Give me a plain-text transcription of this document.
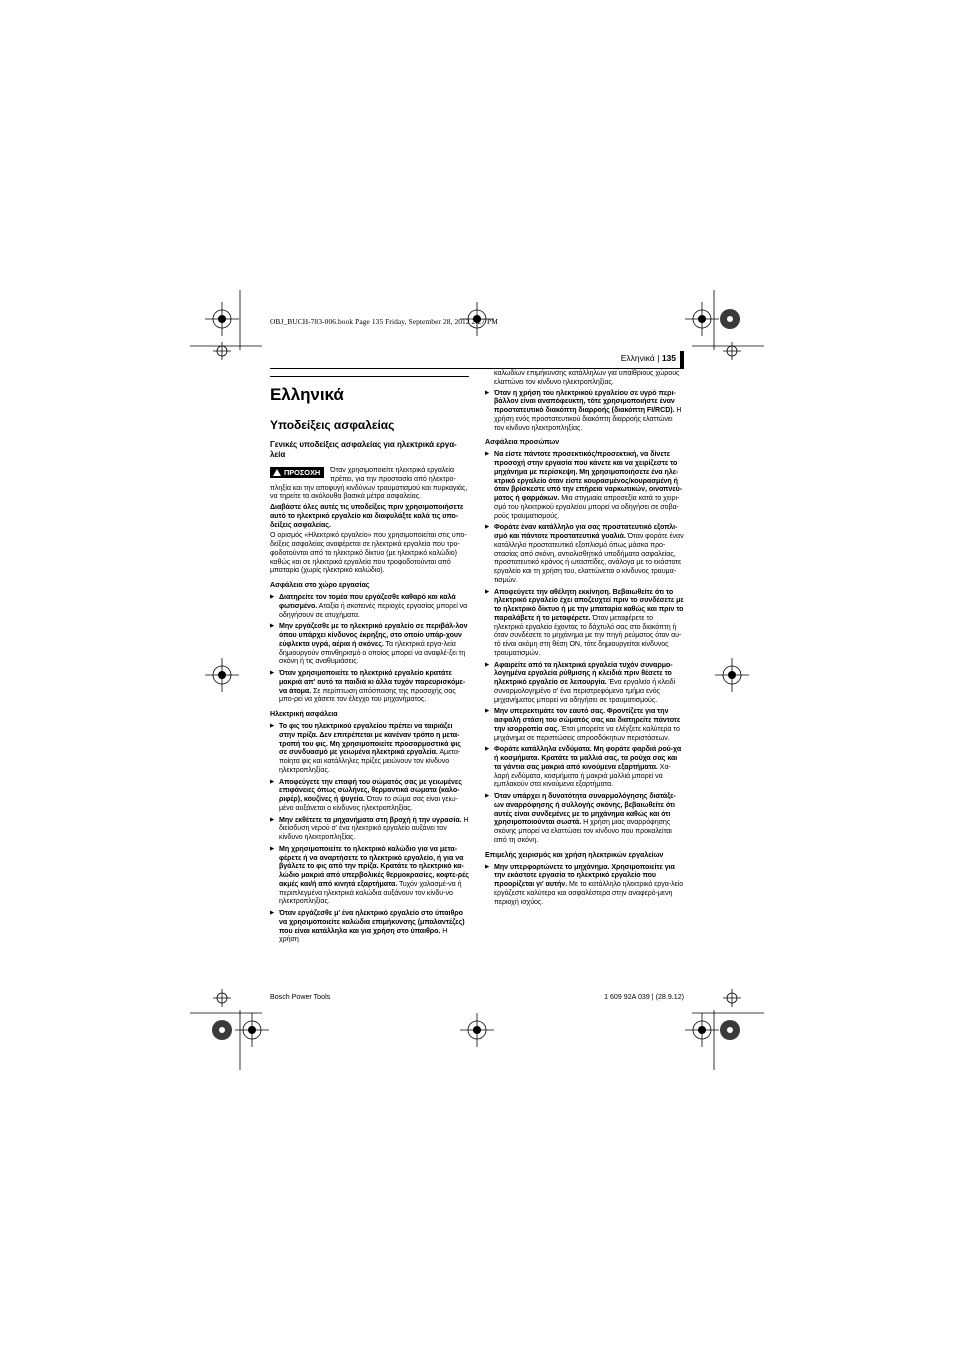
OBJ_BUCH-783-006.book Page 135 Friday, September 28, 2012 2:27 PM
Ελληνικά | 135
Ελληνικά
Υποδείξεις ασφαλείας
Γενικές υποδείξεις ασφαλείας για ηλεκτρικά εργα-λεία

ΠΡΟΣΟΧΗ	Όταν χρησιμοποιείτε ηλεκτρικά εργαλεία πρέπει, για την προστασία από ηλεκτρο-πληξία και την αποφυγή κινδύνων τραυματισμού και πυρκαγιάς, να τηρείτε τα ακόλουθα βασικά μέτρα ασφαλείας.

Διαβάστε όλες αυτές τις υποδείξεις πριν χρησιμοποιήσετε αυτό το ηλεκτρικό εργαλείο και διαφυλάξτε καλά τις υπο-δείξεις ασφαλείας.

Ο ορισμός «Ηλεκτρικό εργαλείο» που χρησιμοποιείται στις υπο-δείξεις ασφαλείας αναφέρεται σε ηλεκτρικά εργαλεία που τρο-φοδοτούνται από το ηλεκτρικό δίκτυο (με ηλεκτρικό καλώδιο) καθώς και σε ηλεκτρικά εργαλεία που τροφοδοτούνται από μπαταρία (χωρίς ηλεκτρικό καλώδιο).

Ασφάλεια στο χώρο εργασίας
▶ Διατηρείτε τον τομέα που εργάζεσθε καθαρό και καλά φωτισμένο. Αταξία ή σκοτεινές περιοχές εργασίας μπορεί να οδηγήσουν σε ατυχήματα.
▶ Μην εργάζεσθε με το ηλεκτρικό εργαλείο σε περιβάλ-λον όπου υπάρχει κίνδυνος έκρηξης, στο οποίο υπάρ-χουν εύφλεκτα υγρά, αέρια ή σκόνες. Τα ηλεκτρικά εργα-λεία δημιουργούν σπινθηρισμό ο οποίος μπορεί να αναφλέ-ξει τη σκόνη ή τις αναθυμιάσεις.
▶ Όταν χρησιμοποιείτε το ηλεκτρικό εργαλείο κρατάτε μακριά απ' αυτό τα παιδιά κι άλλα τυχόν παρευρισκόμε-να άτομα. Σε περίπτωση απόσπασης της προσοχής σας μπο-ρεί να χάσετε τον έλεγχο του μηχανήματος.
Ηλεκτρική ασφάλεια
▶ Το φις του ηλεκτρικού εργαλείου πρέπει να ταιριάζει στην πρίζα. Δεν επιτρέπεται με κανέναν τρόπο η μετα-τροπή του φις. Μη χρησιμοποιείτε προσαρμοστικά φις σε συνδυασμό με γειωμένα ηλεκτρικά εργαλεία. Αμετα-ποίητα φις και κατάλληλες πρίζες μειώνουν τον κίνδυνο ηλεκτροπληξίας.
▶ Αποφεύγετε την επαφή του σώματός σας με γειωμένες επιφάνειες όπως σωλήνες, θερμαντικά σώματα (καλο-ριφέρ), κουζίνες ή ψυγεία. Όταν το σώμα σας είναι γειω-μένο αυξάνεται ο κίνδυνος ηλεκτροπληξίας.
▶ Μην εκθέτετε τα μηχανήματα στη βροχή ή την υγρασία. Η διείσδυση νερού σ' ένα ηλεκτρικό εργαλείο αυξάνει τον κίνδυνο ηλεκτροπληξίας.
▶ Μη χρησιμοποιείτε το ηλεκτρικό καλώδιο για να μετα-φέρετε ή να αναρτήσετε το ηλεκτρικό εργαλείο, ή για να βγάλετε το φις από την πρίζα. Κρατάτε το ηλεκτρικό κα-λώδιο μακριά από υπερβολικές θερμοκρασίες, κοφτε-ρές ακμές και/ή από κινητά εξαρτήματα. Τυχόν χαλασμέ-να ή περιπλεγμένα ηλεκτρικά καλώδια αυξάνουν τον κίνδυ-νο ηλεκτροπληξίας.
▶ Όταν εργάζεσθε μ' ένα ηλεκτρικό εργαλείο στο ύπαιθρο να χρησιμοποιείτε καλώδια επιμήκυνσης (μπαλαντέζες) που είναι κατάλληλα και για χρήση στο ύπαιθρο. Η χρήση

καλωδίων επιμήκυνσης κατάλληλων για υπαίθριους χώρους ελαττώνει τον κίνδυνο ηλεκτροπληξίας.

▶ Όταν η χρήση του ηλεκτρικού εργαλείου σε υγρό περι-βάλλον είναι αναπόφευκτη, τότε χρησιμοποιήστε έναν προστατευτικό διακόπτη διαρροής (διακόπτη FI/RCD). Η χρήση ενός προστατευτικού διακόπτη διαρροής ελαττώνει τον κίνδυνο ηλεκτροπληξίας.
Ασφάλεια προσώπων
▶ Να είστε πάντοτε προσεκτικός/προσεκτική, να δίνετε προσοχή στην εργασία που κάνετε και να χειρίζεστε το μηχάνημα με περίσκεψη. Μη χρησιμοποιήσετε ένα ηλε-κτρικό εργαλείο όταν είστε κουρασμένος/κουρασμένη ή όταν βρίσκεστε υπό την επήρεια ναρκωτικών, οινοπνεύ-ματος ή φαρμάκων. Μια στιγμιαία απροσεξία κατά το χειρι-σμό του ηλεκτρικού εργαλείου μπορεί να οδηγήσει σε σοβα-ρούς τραυματισμούς.
▶ Φοράτε έναν κατάλληλο για σας προστατευτικό εξοπλι-σμό και πάντοτε προστατευτικά γυαλιά. Όταν φοράτε έναν κατάλληλο προστατευτικό εξοπλισμό όπως μάσκα προ-στασίας από σκόνη, αντιολισθητικά υποδήματα ασφαλείας, προστατευτικό κράνος ή ωτασπίδες, ανάλογα με το εκάστοτε εργαλείο και τη χρήση του, ελαττώνεται ο κίνδυνος τραυμα-τισμών.
▶ Αποφεύγετε την αθέλητη εκκίνηση. Βεβαιωθείτε ότι το ηλεκτρικό εργαλείο έχει αποζευχτεί πριν το συνδέσετε με το ηλεκτρικό δίκτυο ή με την μπαταρία καθώς και πριν το παραλάβετε ή το μεταφέρετε. Όταν μεταφέρετε το ηλεκτρικό εργαλείο έχοντας το δάχτυλό σας στο διακόπτη ή όταν συνδέσετε το μηχάνημα με την πηγή ρεύματος όταν αυ-τό είναι ακόμη στη θέση ON, τότε δημιουργείται κίνδυνος τραυματισμών.
▶ Αφαιρείτε από τα ηλεκτρικά εργαλεία τυχόν συναρμο-λογημένα εργαλεία ρύθμισης ή κλειδιά πριν θέσετε το ηλεκτρικό εργαλείο σε λειτουργία. Ένα εργαλείο ή κλειδί συναρμολογημένο σ' ένα περιστρεφόμενο τμήμα ενός μηχανήματος μπορεί να οδηγήσει σε τραυματισμούς.
▶ Μην υπερεκτιμάτε τον εαυτό σας. Φροντίζετε για την ασφαλή στάση του σώματός σας και διατηρείτε πάντοτε την ισορροπία σας. Έτσι μπορείτε να ελέγξετε καλύτερα το μηχάνημα σε περιπτώσεις απροσδόκητων περιστάσεων.
▶ Φοράτε κατάλληλα ενδύματα. Μη φοράτε φαρδιά ρού-χα ή κοσμήματα. Κρατάτε τα μαλλιά σας, τα ρούχα σας και τα γάντια σας μακριά από κινούμενα εξαρτήματα. Χα-λαρή ενδύματα, κοσμήματα ή μακριά μαλλιά μπορεί να εμπλακούν στα κινούμενα εξαρτήματα.
▶ Όταν υπάρχει η δυνατότητα συναρμολόγησης διατάξε-ων αναρρόφησης ή συλλογής σκόνης, βεβαιωθείτε ότι αυτές είναι συνδεμένες με το μηχάνημα καθώς και ότι χρησιμοποιούνται σωστά. Η χρήση μιας αναρρόφησης σκόνης μπορεί να ελαττώσει τον κίνδυνο που προκαλείται από τη σκόνη.
Επιμελής χειρισμός και χρήση ηλεκτρικών εργαλείων
▶ Μην υπερφορτώνετε το μηχάνημα. Χρησιμοποιείτε για την εκάστοτε εργασία το ηλεκτρικό εργαλείο που προορίζεται γι' αυτήν. Με το κατάλληλο ηλεκτρικό εργα-λείο εργάζεστε καλύτερα και ασφαλέστερα στην αναφερό-μενη περιοχή ισχύος.
Bosch Power Tools	1 609 92A 039 | (28.9.12)
